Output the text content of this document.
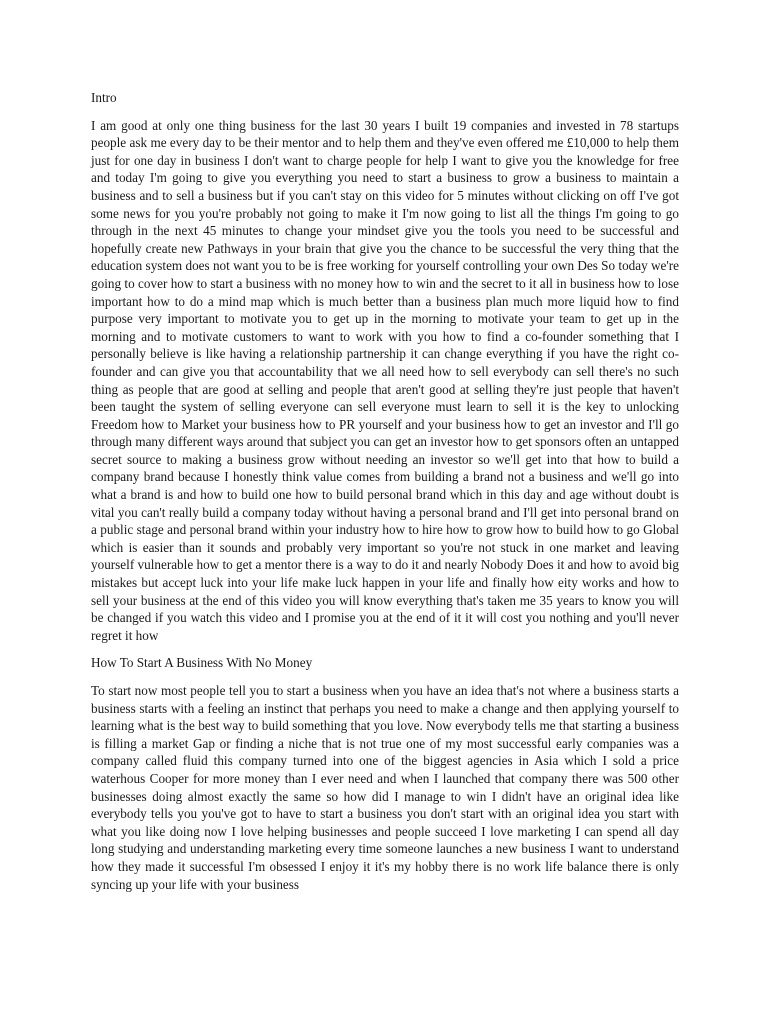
Intro
I am good at only one thing business for the last 30 years I built 19 companies and invested in 78 startups people ask me every day to be their mentor and to help them and they've even offered me £10,000 to help them just for one day in business I don't want to charge people for help I want to give you the knowledge for free and today I'm going to give you everything you need to start a business to grow a business to maintain a business and to sell a business but if you can't stay on this video for 5 minutes without clicking on off I've got some news for you you're probably not going to make it I'm now going to list all the things I'm going to go through in the next 45 minutes to change your mindset give you the tools you need to be successful and hopefully create new Pathways in your brain that give you the chance to be successful the very thing that the education system does not want you to be is free working for yourself controlling your own Des So today we're going to cover how to start a business with no money how to win and the secret to it all in business how to lose important how to do a mind map which is much better than a business plan much more liquid how to find purpose very important to motivate you to get up in the morning to motivate your team to get up in the morning and to motivate customers to want to work with you how to find a co-founder something that I personally believe is like having a relationship partnership it can change everything if you have the right co-founder and can give you that accountability that we all need how to sell everybody can sell there's no such thing as people that are good at selling and people that aren't good at selling they're just people that haven't been taught the system of selling everyone can sell everyone must learn to sell it is the key to unlocking Freedom how to Market your business how to PR yourself and your business how to get an investor and I'll go through many different ways around that subject you can get an investor how to get sponsors often an untapped secret source to making a business grow without needing an investor so we'll get into that how to build a company brand because I honestly think value comes from building a brand not a business and we'll go into what a brand is and how to build one how to build personal brand which in this day and age without doubt is vital you can't really build a company today without having a personal brand and I'll get into personal brand on a public stage and personal brand within your industry how to hire how to grow how to build how to go Global which is easier than it sounds and probably very important so you're not stuck in one market and leaving yourself vulnerable how to get a mentor there is a way to do it and nearly Nobody Does it and how to avoid big mistakes but accept luck into your life make luck happen in your life and finally how eity works and how to sell your business at the end of this video you will know everything that's taken me 35 years to know you will be changed if you watch this video and I promise you at the end of it it will cost you nothing and you'll never regret it how
How To Start A Business With No Money
To start now most people tell you to start a business when you have an idea that's not where a business starts a business starts with a feeling an instinct that perhaps you need to make a change and then applying yourself to learning what is the best way to build something that you love. Now everybody tells me that starting a business is filling a market Gap or finding a niche that is not true one of my most successful early companies was a company called fluid this company turned into one of the biggest agencies in Asia which I sold a price waterhous Cooper for more money than I ever need and when I launched that company there was 500 other businesses doing almost exactly the same so how did I manage to win I didn't have an original idea like everybody tells you you've got to have to start a business you don't start with an original idea you start with what you like doing now I love helping businesses and people succeed I love marketing I can spend all day long studying and understanding marketing every time someone launches a new business I want to understand how they made it successful I'm obsessed I enjoy it it's my hobby there is no work life balance there is only syncing up your life with your business
